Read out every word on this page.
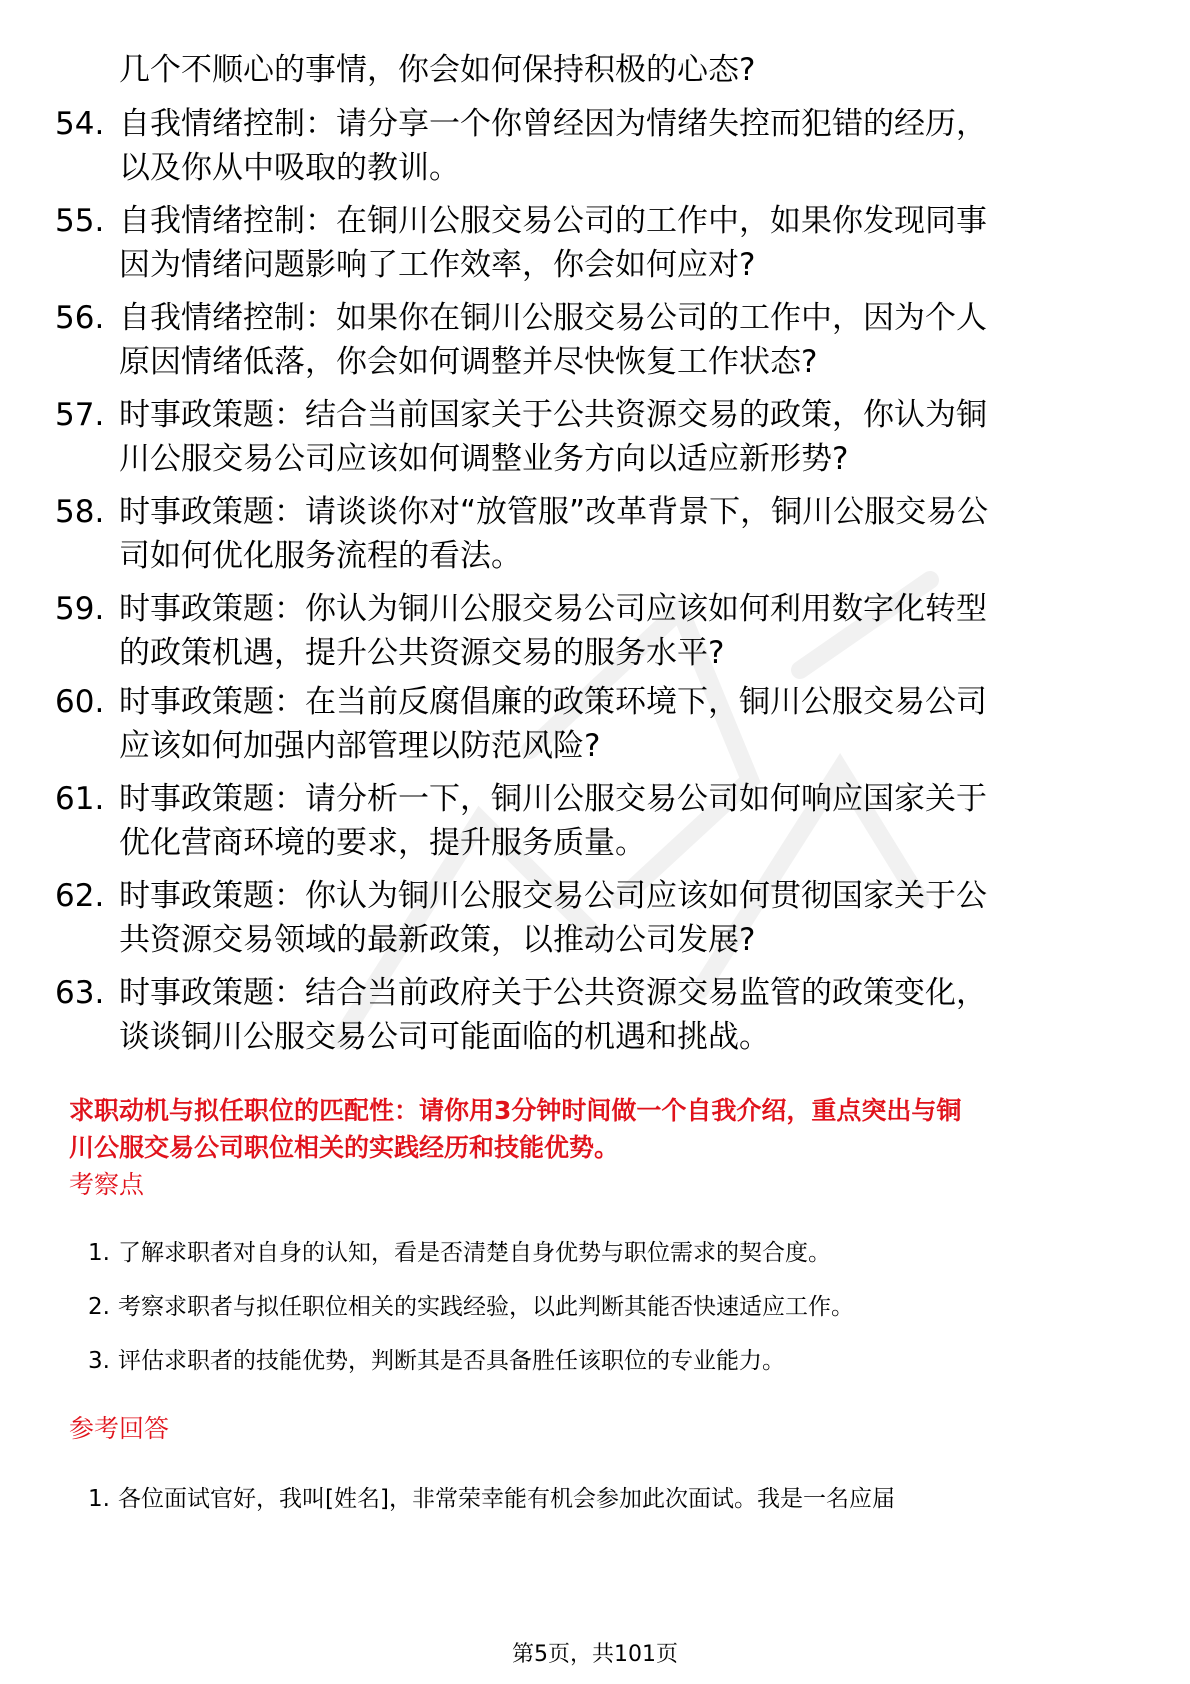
几个不顺心的事情，你会如何保持积极的心态?
54. 自我情绪控制：请分享一个你曾经因为情绪失控而犯错的经历，
以及你从中吸取的教训。
55. 自我情绪控制：在铜川公服交易公司的工作中，如果你发现同事
因为情绪问题影响了工作效率，你会如何应对?
56. 自我情绪控制：如果你在铜川公服交易公司的工作中，因为个人
原因情绪低落，你会如何调整并尽快恢复工作状态?
57. 时事政策题：结合当前国家关于公共资源交易的政策，你认为铜
川公服交易公司应该如何调整业务方向以适应新形势?
58. 时事政策题：请谈谈你对“放管服”改革背景下，铜川公服交易公
司如何优化服务流程的看法。
59. 时事政策题：你认为铜川公服交易公司应该如何利用数字化转型
的政策机遇，提升公共资源交易的服务水平?
60. 时事政策题：在当前反腐倡廉的政策环境下，铜川公服交易公司
应该如何加强内部管理以防范风险?
61. 时事政策题：请分析一下，铜川公服交易公司如何响应国家关于
优化营商环境的要求，提升服务质量。
62. 时事政策题：你认为铜川公服交易公司应该如何贯彻国家关于公
共资源交易领域的最新政策，以推动公司发展?
63. 时事政策题：结合当前政府关于公共资源交易监管的政策变化，
谈谈铜川公服交易公司可能面临的机遇和挑战。
求职动机与拟任职位的匹配性：请你用3分钟时间做一个自我介绍，重点突出与铜
川公服交易公司职位相关的实践经历和技能优势。
考察点
1. 了解求职者对自身的认知，看是否清楚自身优势与职位需求的契合度。
2. 考察求职者与拟任职位相关的实践经验，以此判断其能否快速适应工作。
3. 评估求职者的技能优势，判断其是否具备胜任该职位的专业能力。
参考回答
1. 各位面试官好，我叫[姓名]，非常荣幸能有机会参加此次面试。我是一名应届
第5页，共101页
